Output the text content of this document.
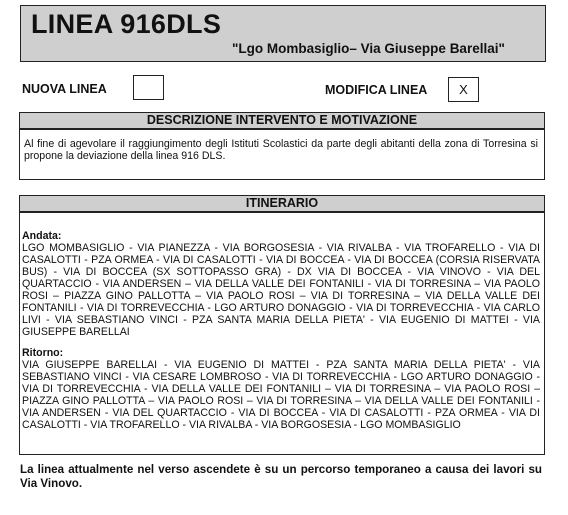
LINEA 916DLS
"Lgo Mombasiglio– Via Giuseppe Barellai"
NUOVA LINEA	MODIFICA LINEA	X
DESCRIZIONE INTERVENTO E MOTIVAZIONE
Al fine di agevolare il raggiungimento degli Istituti Scolastici da parte degli abitanti della zona di Torresina si propone la deviazione della linea 916 DLS.
ITINERARIO
Andata:
LGO MOMBASIGLIO - VIA PIANEZZA - VIA BORGOSESIA - VIA RIVALBA - VIA TROFARELLO - VIA DI CASALOTTI - PZA ORMEA - VIA DI CASALOTTI - VIA DI BOCCEA - VIA DI BOCCEA (CORSIA RISERVATA BUS) - VIA DI BOCCEA (SX SOTTOPASSO GRA) - DX VIA DI BOCCEA - VIA VINOVO - VIA DEL QUARTACCIO - VIA ANDERSEN – VIA DELLA VALLE DEI FONTANILI - VIA DI TORRESINA – VIA PAOLO ROSI – PIAZZA GINO PALLOTTA – VIA PAOLO ROSI – VIA DI TORRESINA – VIA DELLA VALLE DEI FONTANILI - VIA DI TORREVECCHIA - LGO ARTURO DONAGGIO - VIA DI TORREVECCHIA - VIA CARLO LIVI - VIA SEBASTIANO VINCI - PZA SANTA MARIA DELLA PIETA' - VIA EUGENIO DI MATTEI - VIA GIUSEPPE BARELLAI
Ritorno:
VIA GIUSEPPE BARELLAI - VIA EUGENIO DI MATTEI - PZA SANTA MARIA DELLA PIETA' - VIA SEBASTIANO VINCI - VIA CESARE LOMBROSO - VIA DI TORREVECCHIA - LGO ARTURO DONAGGIO - VIA DI TORREVECCHIA - VIA DELLA VALLE DEI FONTANILI – VIA DI TORRESINA – VIA PAOLO ROSI – PIAZZA GINO PALLOTTA – VIA PAOLO ROSI – VIA DI TORRESINA – VIA DELLA VALLE DEI FONTANILI - VIA ANDERSEN - VIA DEL QUARTACCIO - VIA DI BOCCEA - VIA DI CASALOTTI - PZA ORMEA - VIA DI CASALOTTI - VIA TROFARELLO - VIA RIVALBA - VIA BORGOSESIA - LGO MOMBASIGLIO
La linea attualmente nel verso ascendete è su un percorso temporaneo a causa dei lavori su Via Vinovo.
